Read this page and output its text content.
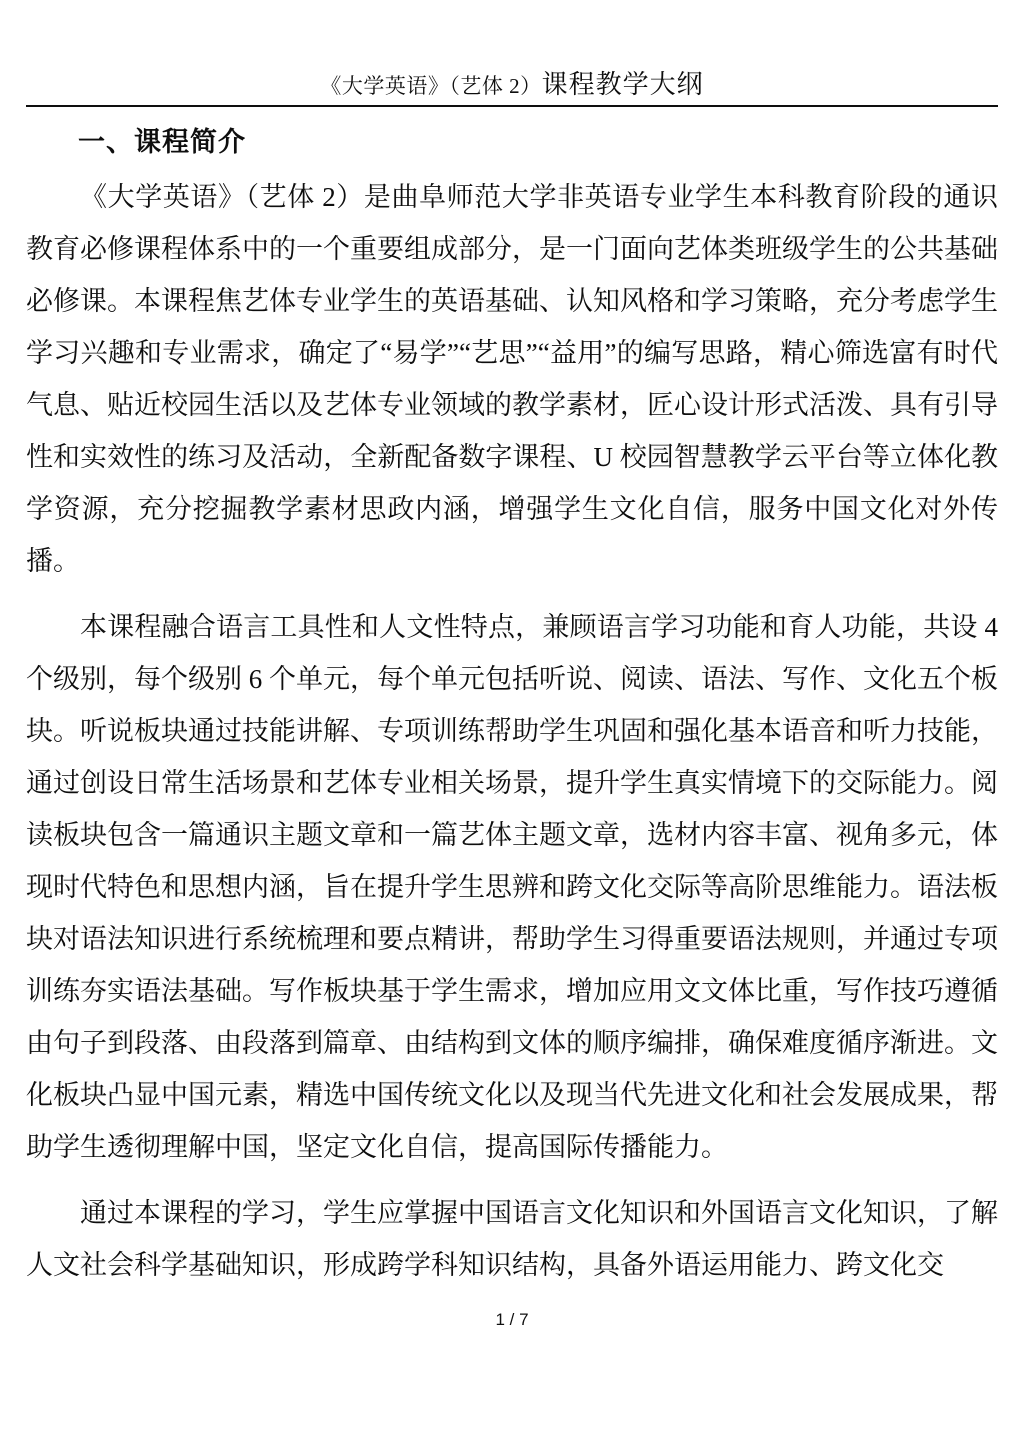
《大学英语》（艺体 2）课程教学大纲
一、课程简介

《大学英语》（艺体 2）是曲阜师范大学非英语专业学生本科教育阶段的通识教育必修课程体系中的一个重要组成部分，是一门面向艺体类班级学生的公共基础必修课。本课程焦艺体专业学生的英语基础、认知风格和学习策略，充分考虑学生学习兴趣和专业需求，确定了“易学”“艺思”“益用”的编写思路，精心筛选富有时代气息、贴近校园生活以及艺体专业领域的教学素材，匠心设计形式活泼、具有引导性和实效性的练习及活动，全新配备数字课程、U 校园智慧教学云平台等立体化教学资源，充分挖掘教学素材思政内涵，增强学生文化自信，服务中国文化对外传播。

本课程融合语言工具性和人文性特点，兼顾语言学习功能和育人功能，共设 4 个级别，每个级别 6 个单元，每个单元包括听说、阅读、语法、写作、文化五个板块。听说板块通过技能讲解、专项训练帮助学生巩固和强化基本语音和听力技能，通过创设日常生活场景和艺体专业相关场景，提升学生真实情境下的交际能力。阅读板块包含一篇通识主题文章和一篇艺体主题文章，选材内容丰富、视角多元，体现时代特色和思想内涵，旨在提升学生思辨和跨文化交际等高阶思维能力。语法板块对语法知识进行系统梳理和要点精讲，帮助学生习得重要语法规则，并通过专项训练夯实语法基础。写作板块基于学生需求，增加应用文文体比重，写作技巧遵循由句子到段落、由段落到篇章、由结构到文体的顺序编排，确保难度循序渐进。文化板块凸显中国元素，精选中国传统文化以及现当代先进文化和社会发展成果，帮助学生透彻理解中国，坚定文化自信，提高国际传播能力。

通过本课程的学习，学生应掌握中国语言文化知识和外国语言文化知识，了解人文社会科学基础知识，形成跨学科知识结构，具备外语运用能力、跨文化交

1 / 7
